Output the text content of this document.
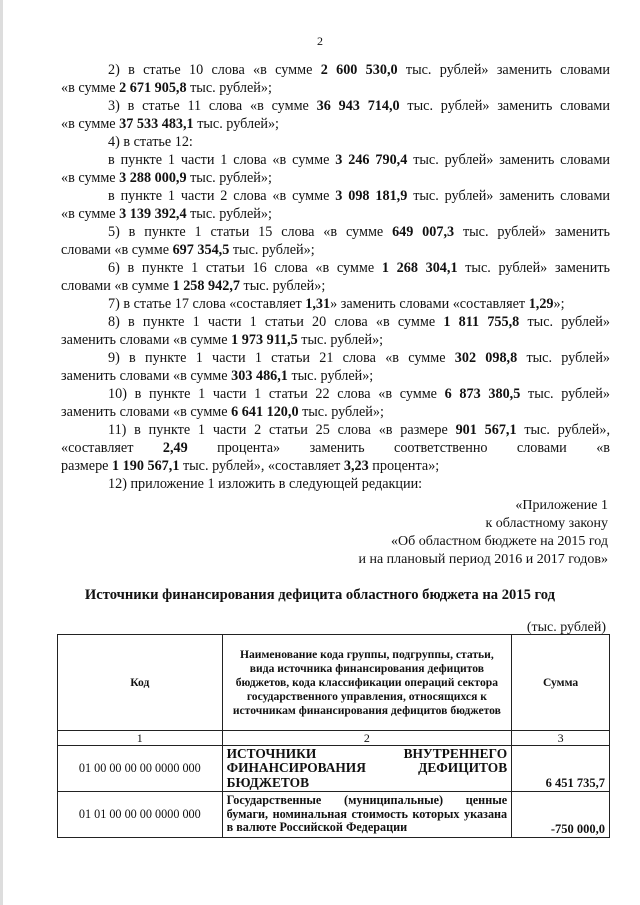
2
2) в статье 10 слова «в сумме 2 600 530,0 тыс. рублей» заменить словами
«в сумме 2 671 905,8 тыс. рублей»;
3) в статье 11 слова «в сумме 36 943 714,0 тыс. рублей» заменить словами
«в сумме 37 533 483,1 тыс. рублей»;
4) в статье 12:
в пункте 1 части 1 слова «в сумме 3 246 790,4 тыс. рублей» заменить словами
«в сумме 3 288 000,9 тыс. рублей»;
в пункте 1 части 2 слова «в сумме 3 098 181,9 тыс. рублей» заменить словами
«в сумме 3 139 392,4 тыс. рублей»;
5) в пункте 1 статьи 15 слова «в сумме 649 007,3 тыс. рублей» заменить
словами «в сумме 697 354,5 тыс. рублей»;
6) в пункте 1 статьи 16 слова «в сумме 1 268 304,1 тыс. рублей» заменить
словами «в сумме 1 258 942,7 тыс. рублей»;
7) в статье 17 слова «составляет 1,31» заменить словами «составляет 1,29»;
8) в пункте 1 части 1 статьи 20 слова «в сумме 1 811 755,8 тыс. рублей»
заменить словами «в сумме 1 973 911,5 тыс. рублей»;
9) в пункте 1 части 1 статьи 21 слова «в сумме 302 098,8 тыс. рублей»
заменить словами «в сумме 303 486,1 тыс. рублей»;
10) в пункте 1 части 1 статьи 22 слова «в сумме 6 873 380,5 тыс. рублей»
заменить словами «в сумме 6 641 120,0 тыс. рублей»;
11) в пункте 1 части 2 статьи 25 слова «в размере 901 567,1 тыс. рублей»,
«составляет 2,49 процента» заменить соответственно словами «в
размере 1 190 567,1 тыс. рублей», «составляет 3,23 процента»;
12) приложение 1 изложить в следующей редакции:
«Приложение 1
к областному закону
«Об областном бюджете на 2015 год
и на плановый период 2016 и 2017 годов»
Источники финансирования дефицита областного бюджета на 2015 год
(тыс. рублей)
Код	Наименование кода группы, подгруппы, статьи, вида источника финансирования дефицитов бюджетов, кода классификации операций сектора государственного управления, относящихся к источникам финансирования дефицитов бюджетов	Сумма
1	2	3
01 00 00 00 00 0000 000	ИСТОЧНИКИ ВНУТРЕННЕГО ФИНАНСИРОВАНИЯ ДЕФИЦИТОВ БЮДЖЕТОВ	6 451 735,7
01 01 00 00 00 0000 000	Государственные (муниципальные) ценные бумаги, номинальная стоимость которых указана в валюте Российской Федерации	-750 000,0
